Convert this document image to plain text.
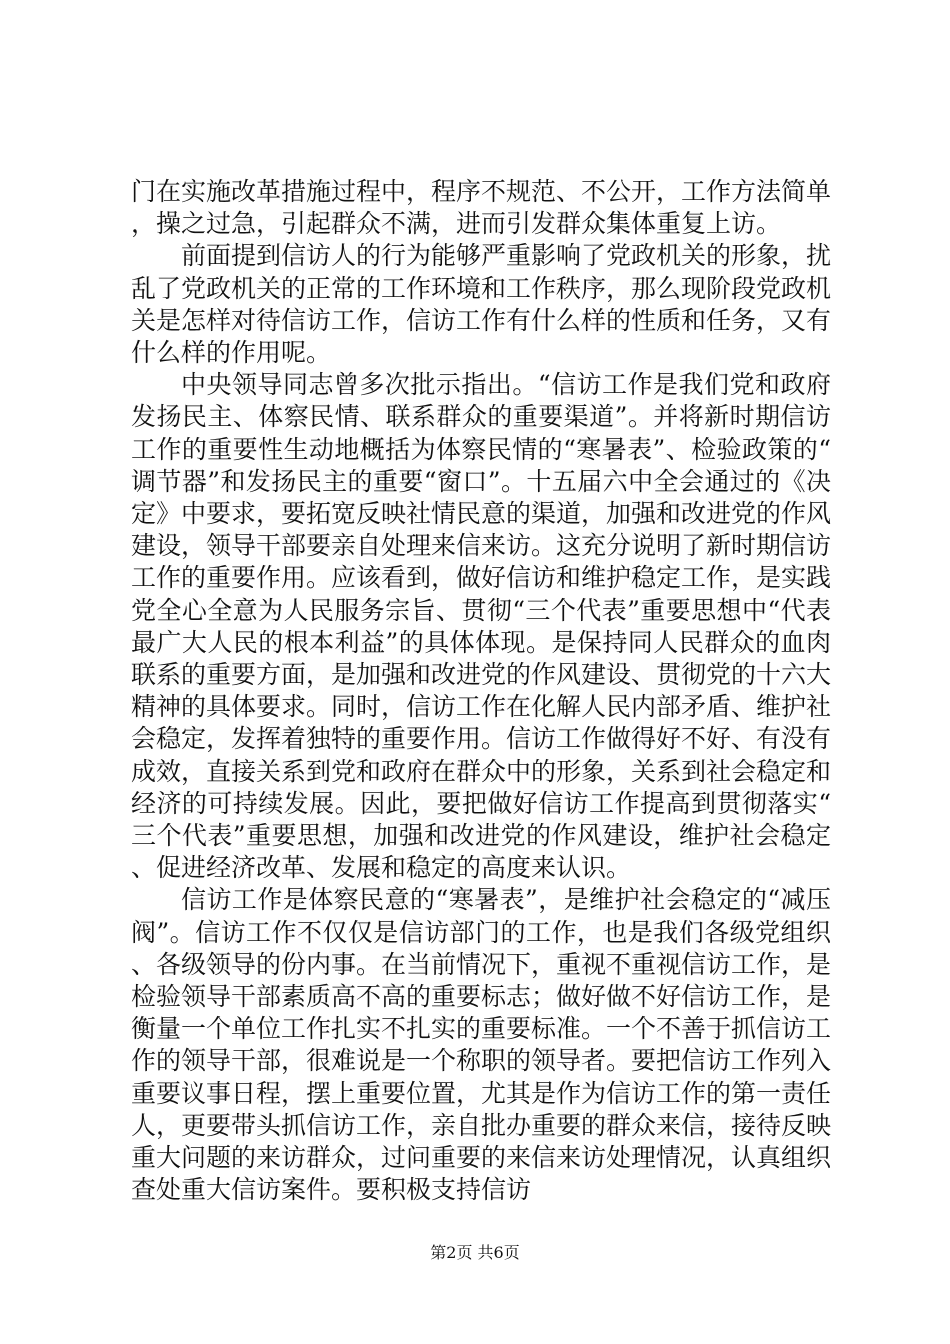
门在实施改革措施过程中，程序不规范、不公开，工作方法简单，操之过急，引起群众不满，进而引发群众集体重复上访。

前面提到信访人的行为能够严重影响了党政机关的形象，扰乱了党政机关的正常的工作环境和工作秩序，那么现阶段党政机关是怎样对待信访工作，信访工作有什么样的性质和任务，又有什么样的作用呢。

中央领导同志曾多次批示指出。“信访工作是我们党和政府发扬民主、体察民情、联系群众的重要渠道”。并将新时期信访工作的重要性生动地概括为体察民情的“寒暑表”、检验政策的“调节器”和发扬民主的重要“窗口”。十五届六中全会通过的《决定》中要求，要拓宽反映社情民意的渠道，加强和改进党的作风建设，领导干部要亲自处理来信来访。这充分说明了新时期信访工作的重要作用。应该看到，做好信访和维护稳定工作，是实践党全心全意为人民服务宗旨、贯彻“三个代表”重要思想中“代表最广大人民的根本利益”的具体体现。是保持同人民群众的血肉联系的重要方面，是加强和改进党的作风建设、贯彻党的十六大精神的具体要求。同时，信访工作在化解人民内部矛盾、维护社会稳定，发挥着独特的重要作用。信访工作做得好不好、有没有成效，直接关系到党和政府在群众中的形象，关系到社会稳定和经济的可持续发展。因此，要把做好信访工作提高到贯彻落实“三个代表”重要思想，加强和改进党的作风建设，维护社会稳定、促进经济改革、发展和稳定的高度来认识。

信访工作是体察民意的“寒暑表”，是维护社会稳定的“减压阀”。信访工作不仅仅是信访部门的工作，也是我们各级党组织、各级领导的份内事。在当前情况下，重视不重视信访工作，是检验领导干部素质高不高的重要标志；做好做不好信访工作，是衡量一个单位工作扎实不扎实的重要标准。一个不善于抓信访工作的领导干部，很难说是一个称职的领导者。要把信访工作列入重要议事日程，摆上重要位置，尤其是作为信访工作的第一责任人，更要带头抓信访工作，亲自批办重要的群众来信，接待反映重大问题的来访群众，过问重要的来信来访处理情况，认真组织查处重大信访案件。要积极支持信访

第2页 共6页
